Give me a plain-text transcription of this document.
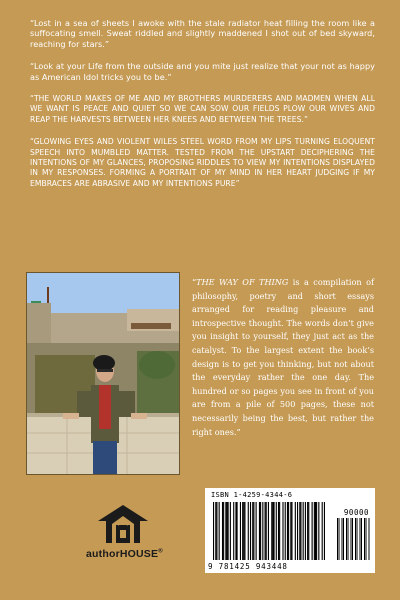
“Lost in a sea of sheets I awoke with the stale radiator heat filling the room like a suffocating smell. Sweat riddled and slightly maddened I shot out of bed skyward, reaching for stars.”

“Look at your Life from the outside and you mite just realize that your not as happy as American Idol tricks you to be.”

“THE WORLD MAKES OF ME AND MY BROTHERS MURDERERS AND MADMEN WHEN ALL WE WANT IS PEACE AND QUIET SO WE CAN SOW OUR FIELDS PLOW OUR WIVES AND REAP THE HARVESTS BETWEEN HER KNEES AND BETWEEN THE TREES.”

“GLOWING EYES AND VIOLENT WILES STEEL WORD FROM MY LIPS TURNING ELOQUENT SPEECH INTO MUMBLED MATTER. TESTED FROM THE UPSTART DECIPHERING THE INTENTIONS OF MY GLANCES, PROPOSING RIDDLES TO VIEW MY INTENTIONS DISPLAYED IN MY RESPONSES. FORMING A PORTRAIT OF MY MIND IN HER HEART JUDGING IF MY EMBRACES ARE ABRASIVE AND MY INTENTIONS PURE”

“THE WAY OF THING is a compilation of philosophy, poetry and short essays arranged for reading pleasure and introspective thought. The words don’t give you insight to yourself, they just act as the catalyst. To the largest extent the book’s design is to get you thinking, but not about the everyday rather the one day. The hundred or so pages you see in front of you are from a pile of 500 pages, these not necessarily being the best, but rather the right ones.”
authorHOUSE®
ISBN 1-4259-4344-6
90000
9 781425 943448
